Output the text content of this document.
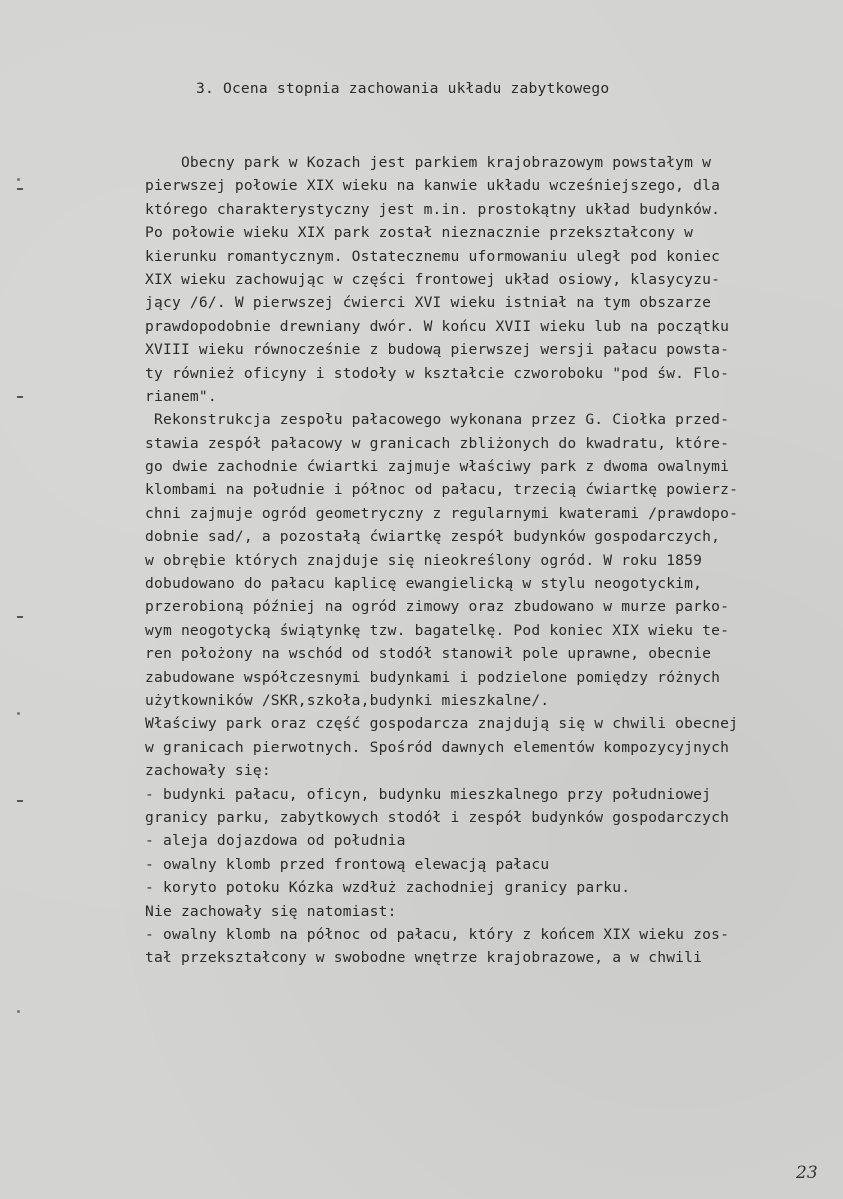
3. Ocena stopnia zachowania układu zabytkowego
Obecny park w Kozach jest parkiem krajobrazowym powstałym w
pierwszej połowie XIX wieku na kanwie układu wcześniejszego, dla
którego charakterystyczny jest m.in. prostokątny układ budynków.
Po połowie wieku XIX park został nieznacznie przekształcony w
kierunku romantycznym. Ostatecznemu uformowaniu uległ pod koniec
XIX wieku zachowując w części frontowej układ osiowy, klasycyzu-
jący /6/. W pierwszej ćwierci XVI wieku istniał na tym obszarze
prawdopodobnie drewniany dwór. W końcu XVII wieku lub na początku
XVIII wieku równocześnie z budową pierwszej wersji pałacu powsta-
ty również oficyny i stodoły w kształcie czworoboku "pod św. Flo-
rianem".
Rekonstrukcja zespołu pałacowego wykonana przez G. Ciołka przed-
stawia zespół pałacowy w granicach zbliżonych do kwadratu, które-
go dwie zachodnie ćwiartki zajmuje właściwy park z dwoma owalnymi
klombami na południe i północ od pałacu, trzecią ćwiartkę powierz-
chni zajmuje ogród geometryczny z regularnymi kwaterami /prawdopo-
dobnie sad/, a pozostałą ćwiartkę zespół budynków gospodarczych,
w obrębie których znajduje się nieokreślony ogród. W roku 1859
dobudowano do pałacu kaplicę ewangielicką w stylu neogotyckim,
przerobioną później na ogród zimowy oraz zbudowano w murze parko-
wym neogotycką świątynkę tzw. bagatelkę. Pod koniec XIX wieku te-
ren położony na wschód od stodół stanowił pole uprawne, obecnie
zabudowane współczesnymi budynkami i podzielone pomiędzy różnych
użytkowników /SKR,szkoła,budynki mieszkalne/.
Właściwy park oraz część gospodarcza znajdują się w chwili obecnej
w granicach pierwotnych. Spośród dawnych elementów kompozycyjnych
zachowały się:
- budynki pałacu, oficyn, budynku mieszkalnego przy południowej
granicy parku, zabytkowych stodół i zespół budynków gospodarczych
- aleja dojazdowa od południa
- owalny klomb przed frontową elewacją pałacu
- koryto potoku Kózka wzdłuż zachodniej granicy parku.
Nie zachowały się natomiast:
- owalny klomb na północ od pałacu, który z końcem XIX wieku zos-
tał przekształcony w swobodne wnętrze krajobrazowe, a w chwili
23
